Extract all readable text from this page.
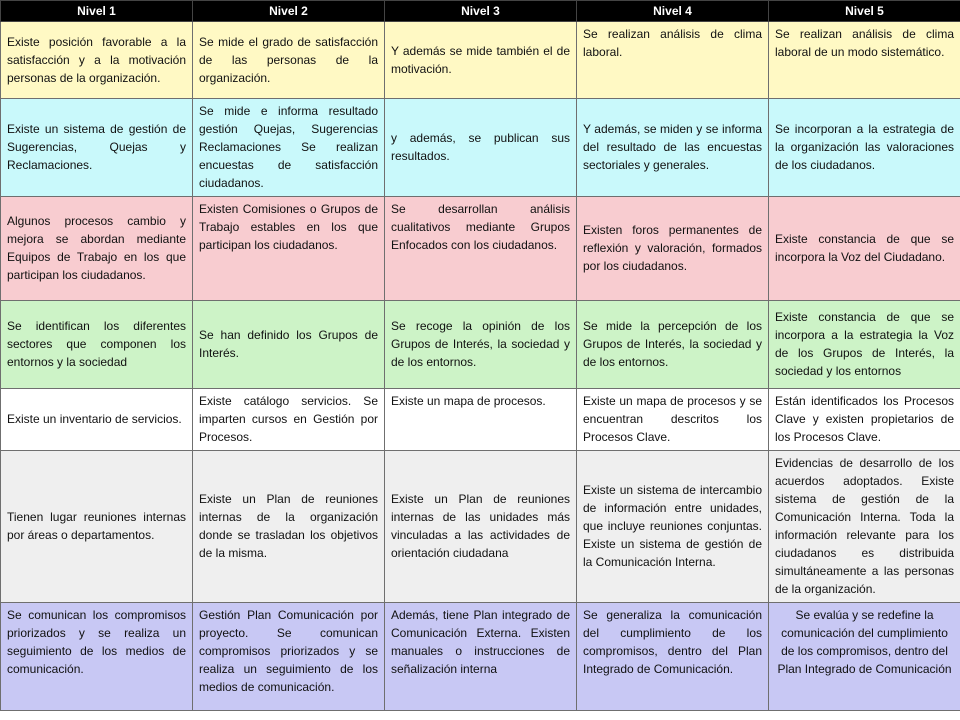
Nivel 1	Nivel 2	Nivel 3	Nivel 4	Nivel 5
Existe posición favorable a la satisfacción y a la motivación personas de la organización.	Se mide el grado de satisfacción de las personas de la organización.	Y además se mide también el de motivación.	Se realizan análisis de clima laboral.	Se realizan análisis de clima laboral de un modo sistemático.
Existe un sistema de gestión de Sugerencias, Quejas y Reclamaciones.	Se mide e informa resultado gestión Quejas, Sugerencias Reclamaciones Se realizan encuestas de satisfacción ciudadanos.	y además, se publican sus resultados.	Y además, se miden y se informa del resultado de las encuestas sectoriales y generales.	Se incorporan a la estrategia de la organización las valoraciones de los ciudadanos.
Algunos procesos cambio y mejora se abordan mediante Equipos de Trabajo en los que participan los ciudadanos.	Existen Comisiones o Grupos de Trabajo estables en los que participan los ciudadanos.	Se desarrollan análisis cualitativos mediante Grupos Enfocados con los ciudadanos.	Existen foros permanentes de reflexión y valoración, formados por los ciudadanos.	Existe constancia de que se incorpora la Voz del Ciudadano.
Se identifican los diferentes sectores que componen los entornos y la sociedad	Se han definido los Grupos de Interés.	Se recoge la opinión de los Grupos de Interés, la sociedad y de los entornos.	Se mide la percepción de los Grupos de Interés, la sociedad y de los entornos.	Existe constancia de que se incorpora a la estrategia la Voz de los Grupos de Interés, la sociedad y los entornos
Existe un inventario de servicios.	Existe catálogo servicios. Se imparten cursos en Gestión por Procesos.	Existe un mapa de procesos.	Existe un mapa de procesos y se encuentran descritos los Procesos Clave.	Están identificados los Procesos Clave y existen propietarios de los Procesos Clave.
Tienen lugar reuniones internas por áreas o departamentos.	Existe un Plan de reuniones internas de la organización donde se trasladan los objetivos de la misma.	Existe un Plan de reuniones internas de las unidades más vinculadas a las actividades de orientación ciudadana	Existe un sistema de intercambio de información entre unidades, que incluye reuniones conjuntas. Existe un sistema de gestión de la Comunicación Interna.	Evidencias de desarrollo de los acuerdos adoptados. Existe sistema de gestión de la Comunicación Interna. Toda la información relevante para los ciudadanos es distribuida simultáneamente a las personas de la organización.
Se comunican los compromisos priorizados y se realiza un seguimiento de los medios de comunicación.	Gestión Plan Comunicación por proyecto. Se comunican compromisos priorizados y se realiza un seguimiento de los medios de comunicación.	Además, tiene Plan integrado de Comunicación Externa. Existen manuales o instrucciones de señalización interna	Se generaliza la comunicación del cumplimiento de los compromisos, dentro del Plan Integrado de Comunicación.	Se evalúa y se redefine la comunicación del cumplimiento de los compromisos, dentro del Plan Integrado de Comunicación
